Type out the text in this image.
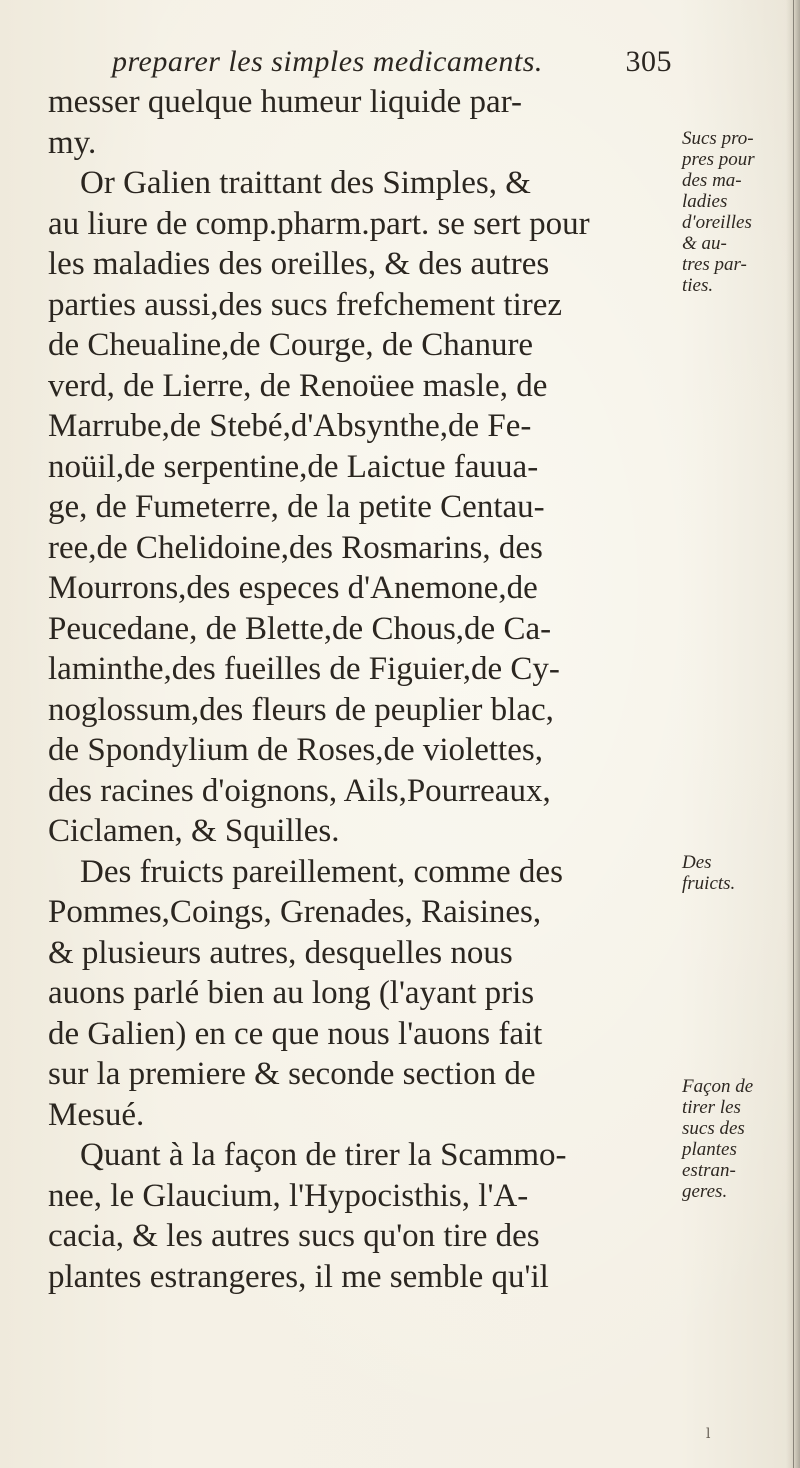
preparer les simples medicaments.	305
messer quelque humeur liquide par-
my.
Or Galien traittant des Simples, &
au liure de comp.pharm.part. se sert pour
les maladies des oreilles, & des autres
parties aussi,des sucs frefchement tirez
de Cheualine,de Courge, de Chanure
verd, de Lierre, de Renoüee masle, de
Marrube,de Stebé,d'Absynthe,de Fe-
noüil,de serpentine,de Laictue fauua-
ge, de Fumeterre, de la petite Centau-
ree,de Chelidoine,des Rosmarins, des
Mourrons,des especes d'Anemone,de
Peucedane, de Blette,de Chous,de Ca-
laminthe,des fueilles de Figuier,de Cy-
noglossum,des fleurs de peuplier blac,
de Spondylium de Roses,de violettes,
des racines d'oignons, Ails,Pourreaux,
Ciclamen, & Squilles.
Des fruicts pareillement, comme des
Pommes,Coings, Grenades, Raisines,
& plusieurs autres, desquelles nous
auons parlé bien au long (l'ayant pris
de Galien) en ce que nous l'auons fait
sur la premiere & seconde section de
Mesué.
Quant à la façon de tirer la Scammo-
nee, le Glaucium, l'Hypocisthis, l'A-
cacia, & les autres sucs qu'on tire des
plantes estrangeres, il me semble qu'il
Sucs pro-
pres pour
des ma-
ladies
d'oreilles
& au-
tres par-
ties.
Des
fruicts.
Façon de
tirer les
sucs des
plantes
estran-
geres.
l
